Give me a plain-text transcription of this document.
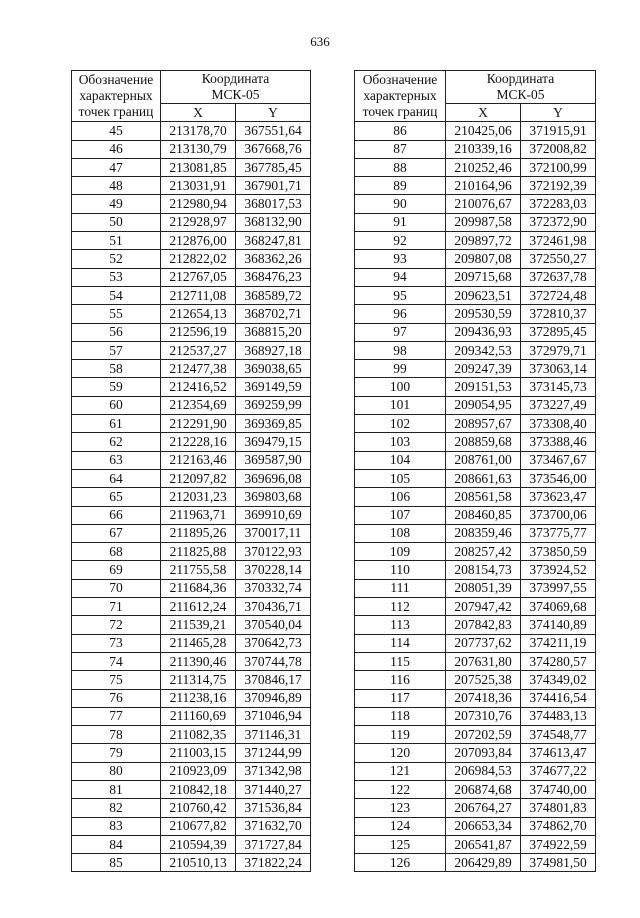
636
Обозначение
характерных
точек границ	Координата
МСК-05	
	X	Y
45	213178,70	367551,64
46	213130,79	367668,76
47	213081,85	367785,45
48	213031,91	367901,71
49	212980,94	368017,53
50	212928,97	368132,90
51	212876,00	368247,81
52	212822,02	368362,26
53	212767,05	368476,23
54	212711,08	368589,72
55	212654,13	368702,71
56	212596,19	368815,20
57	212537,27	368927,18
58	212477,38	369038,65
59	212416,52	369149,59
60	212354,69	369259,99
61	212291,90	369369,85
62	212228,16	369479,15
63	212163,46	369587,90
64	212097,82	369696,08
65	212031,23	369803,68
66	211963,71	369910,69
67	211895,26	370017,11
68	211825,88	370122,93
69	211755,58	370228,14
70	211684,36	370332,74
71	211612,24	370436,71
72	211539,21	370540,04
73	211465,28	370642,73
74	211390,46	370744,78
75	211314,75	370846,17
76	211238,16	370946,89
77	211160,69	371046,94
78	211082,35	371146,31
79	211003,15	371244,99
80	210923,09	371342,98
81	210842,18	371440,27
82	210760,42	371536,84
83	210677,82	371632,70
84	210594,39	371727,84
85	210510,13	371822,24
Обозначение
характерных
точек границ	Координата
МСК-05	
	X	Y
86	210425,06	371915,91
87	210339,16	372008,82
88	210252,46	372100,99
89	210164,96	372192,39
90	210076,67	372283,03
91	209987,58	372372,90
92	209897,72	372461,98
93	209807,08	372550,27
94	209715,68	372637,78
95	209623,51	372724,48
96	209530,59	372810,37
97	209436,93	372895,45
98	209342,53	372979,71
99	209247,39	373063,14
100	209151,53	373145,73
101	209054,95	373227,49
102	208957,67	373308,40
103	208859,68	373388,46
104	208761,00	373467,67
105	208661,63	373546,00
106	208561,58	373623,47
107	208460,85	373700,06
108	208359,46	373775,77
109	208257,42	373850,59
110	208154,73	373924,52
111	208051,39	373997,55
112	207947,42	374069,68
113	207842,83	374140,89
114	207737,62	374211,19
115	207631,80	374280,57
116	207525,38	374349,02
117	207418,36	374416,54
118	207310,76	374483,13
119	207202,59	374548,77
120	207093,84	374613,47
121	206984,53	374677,22
122	206874,68	374740,00
123	206764,27	374801,83
124	206653,34	374862,70
125	206541,87	374922,59
126	206429,89	374981,50
